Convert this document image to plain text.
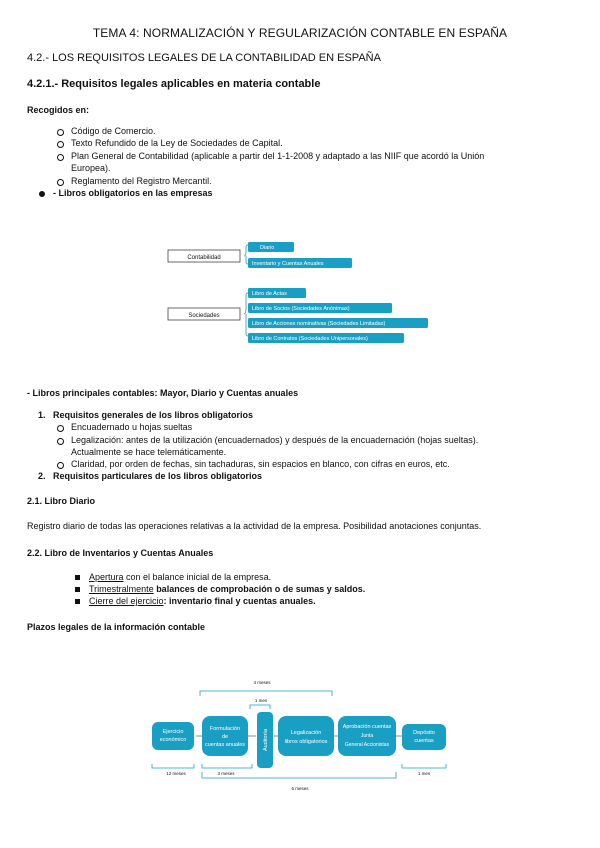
TEMA 4: NORMALIZACIÓN Y REGULARIZACIÓN CONTABLE EN ESPAÑA
4.2.- LOS REQUISITOS LEGALES DE LA CONTABILIDAD EN ESPAÑA
4.2.1.- Requisitos legales aplicables en materia contable
Recogidos en:
Código de Comercio.
Texto Refundido de la Ley de Sociedades de Capital.
Plan General de Contabilidad (aplicable a partir del 1-1-2008 y adaptado a las NIIF que acordó la Unión
Europea).
Reglamento del Registro Mercantil.
- Libros obligatorios en las empresas
Contabilidad
Diario
Inventario y Cuentas Anuales
Sociedades
Libro de Actas
Libro de Socios (Sociedades Anónimas)
Libro de Acciones nominativas (Sociedades Limitadas)
Libro de Contratos (Sociedades Unipersonales)
- Libros principales contables: Mayor, Diario y Cuentas anuales
1. Requisitos generales de los libros obligatorios
Encuadernado u hojas sueltas
Legalización: antes de la utilización (encuadernados) y después de la encuadernación (hojas sueltas).
Actualmente se hace telemáticamente.
Claridad, por orden de fechas, sin tachaduras, sin espacios en blanco, con cifras en euros, etc.
2. Requisitos particulares de los libros obligatorios
2.1. Libro Diario
Registro diario de todas las operaciones relativas a la actividad de la empresa. Posibilidad anotaciones conjuntas.
2.2. Libro de Inventarios y Cuentas Anuales
Apertura con el balance inicial de la empresa.
Trimestralmente balances de comprobación o de sumas y saldos.
Cierre del ejercicio: inventario final y cuentas anuales.
Plazos legales de la información contable
4 meses
1 mes
Ejercicio
económico
Formulación
de
cuentas anuales	Auditoría	Legalización
libros obligatorios
Aprobación cuentas
Junta
General Accionistas
Depósito
cuentas
12 meses	3 meses	1 mes
6 meses
